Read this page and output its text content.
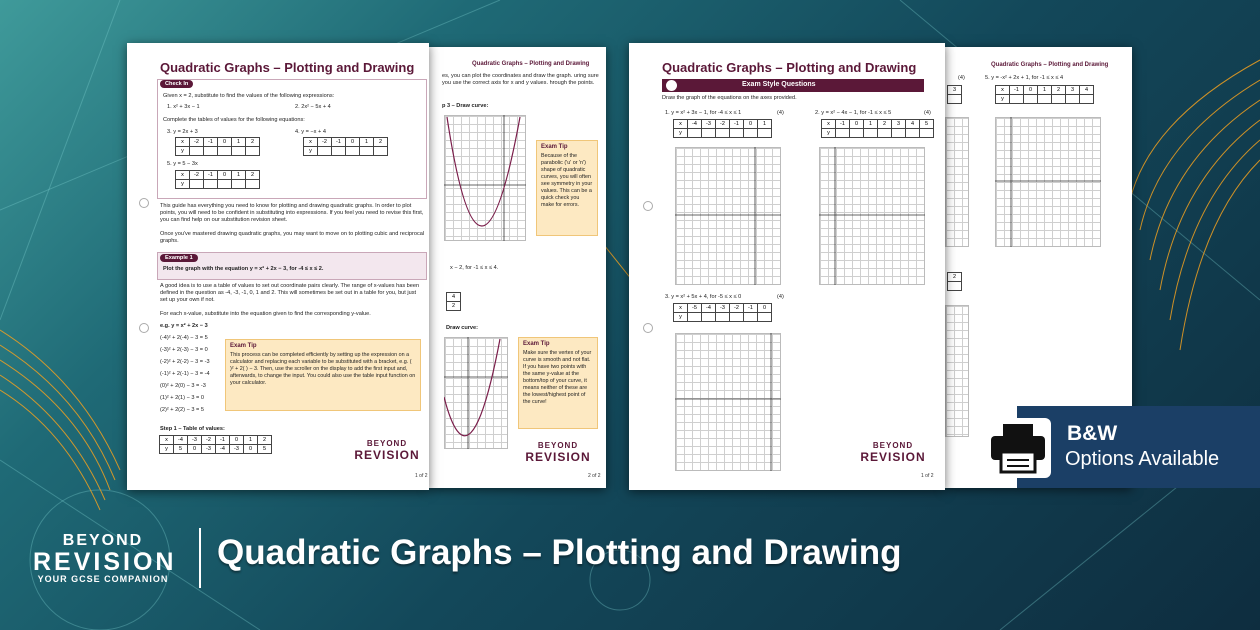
Quadratic Graphs – Plotting and Drawing
es, you can plot the coordinates and draw the graph. uring sure you use the correct axis for x and y values. hrough the points.
p 3 – Draw curve:
Exam Tip
Because of the parabolic ('u' or 'n') shape of quadratic curves, you will often see symmetry in your values. This can be a quick check you make for errors.
x − 2, for -1 ≤ x ≤ 4.
4
2
Draw curve:
Exam Tip
Make sure the vertex of your curve is smooth and not flat. If you have two points with the same y-value at the bottom/top of your curve, it means neither of these are the lowest/highest point of the curve!
BEYOND
REVISION
2 of 2
Quadratic Graphs – Plotting and Drawing
Check In
Given x = 2, substitute to find the values of the following expressions:
1. x² + 3x − 1	2. 2x² − 5x + 4
Complete the tables of values for the following equations:
3. y = 2x + 3	4. y = −x + 4
x	-2	-1	0	1	2
y					
x	-2	-1	0	1	2
y					
5. y = 5 − 3x
x	-2	-1	0	1	2
y					
This guide has everything you need to know for plotting and drawing quadratic graphs. In order to plot points, you will need to be confident in substituting into expressions. If you feel you need to revise this first, you can find help on our substitution revision sheet.
Once you've mastered drawing quadratic graphs, you may want to move on to plotting cubic and reciprocal graphs.
Example 1
Plot the graph with the equation y = x² + 2x − 3, for -4 ≤ x ≤ 2.
A good idea is to use a table of values to set out coordinate pairs clearly. The range of x-values has been defined in the question as -4, -3, -1, 0, 1 and 2. This will sometimes be set out in a table for you, but just set up your own if not.
For each x-value, substitute into the equation given to find the corresponding y-value.
e.g. y = x² + 2x − 3
(-4)² + 2(-4) − 3 = 5
(-3)² + 2(-3) − 3 = 0
(-2)² + 2(-2) − 3 = -3
(-1)² + 2(-1) − 3 = -4
(0)² + 2(0) − 3 = -3
(1)² + 2(1) − 3 = 0
(2)² + 2(2) − 3 = 5
Exam Tip
This process can be completed efficiently by setting up the expression on a calculator and replacing each variable to be substituted with a bracket, e.g. ( )² + 2( ) − 3. Then, use the scroller on the display to add the first input and, afterwards, to change the input. You could also use the table input function on your calculator.
Step 1 – Table of values:
x	-4	-3	-2	-1	0	1	2
y	5	0	-3	-4	-3	0	5
BEYOND
REVISION
1 of 2
Quadratic Graphs – Plotting and Drawing
(4)	5. y = -x² + 2x + 1, for -1 ≤ x ≤ 4
x	-1	0	1	2	3	4
y						
3

2

Quadratic Graphs – Plotting and Drawing
Draw the graph of the equations on the axes provided.
1. y = x² + 3x − 1, for -4 ≤ x ≤ 1	(4)
x	-4	-3	-2	-1	0	1
y						
2. y = x² − 4x − 1, for -1 ≤ x ≤ 5	(4)
x	-1	0	1	2	3	4	5
y							
3. y = x² + 5x + 4, for -5 ≤ x ≤ 0	(4)
x	-5	-4	-3	-2	-1	0
y						
BEYOND
REVISION
1 of 2
Exam Style Questions
B&W
Options Available
BEYOND
REVISION
YOUR GCSE COMPANION
Quadratic Graphs – Plotting and Drawing
